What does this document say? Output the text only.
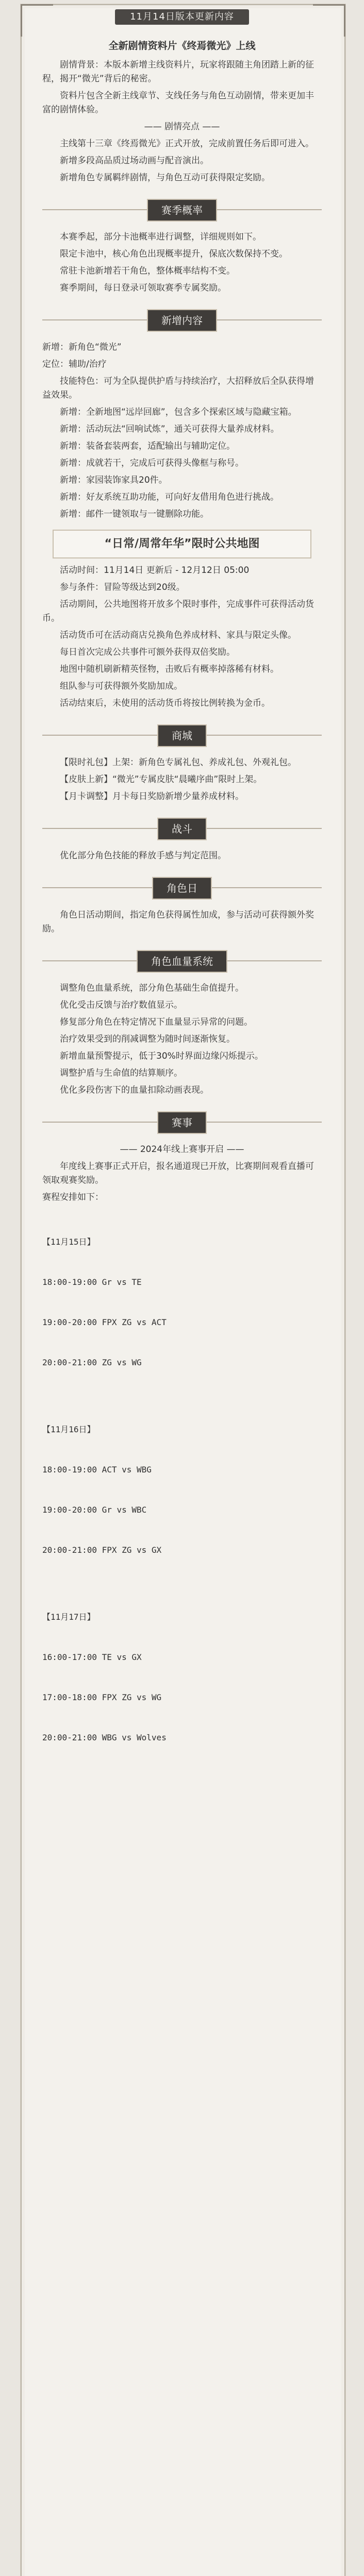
11月14日版本更新内容

全新剧情资料片《终焉微光》上线

剧情背景：本版本新增主线资料片，玩家将跟随主角团踏上新的征程，揭开“微光”背后的秘密。

资料片包含全新主线章节、支线任务与角色互动剧情，带来更加丰富的剧情体验。

—— 剧情亮点 ——

主线第十三章《终焉微光》正式开放，完成前置任务后即可进入。

新增多段高品质过场动画与配音演出。

新增角色专属羁绊剧情，与角色互动可获得限定奖励。

赛季概率

本赛季起，部分卡池概率进行调整，详细规则如下。

限定卡池中，核心角色出现概率提升，保底次数保持不变。

常驻卡池新增若干角色，整体概率结构不变。

赛季期间，每日登录可领取赛季专属奖励。

新增内容

新增：新角色“微光”

定位：辅助/治疗

技能特色：可为全队提供护盾与持续治疗，大招释放后全队获得增益效果。

新增：全新地图“远岸回廊”，包含多个探索区域与隐藏宝箱。

新增：活动玩法“回响试炼”，通关可获得大量养成材料。

新增：装备套装两套，适配输出与辅助定位。

新增：成就若干，完成后可获得头像框与称号。

新增：家园装饰家具20件。

新增：好友系统互助功能，可向好友借用角色进行挑战。

新增：邮件一键领取与一键删除功能。

“日常/周常年华”限时公共地图

活动时间：11月14日 更新后 - 12月12日 05:00

参与条件：冒险等级达到20级。

活动期间，公共地图将开放多个限时事件，完成事件可获得活动货币。

活动货币可在活动商店兑换角色养成材料、家具与限定头像。

每日首次完成公共事件可额外获得双倍奖励。

地图中随机刷新精英怪物，击败后有概率掉落稀有材料。

组队参与可获得额外奖励加成。

活动结束后，未使用的活动货币将按比例转换为金币。

商城

【限时礼包】上架：新角色专属礼包、养成礼包、外观礼包。

【皮肤上新】“微光”专属皮肤“晨曦序曲”限时上架。

【月卡调整】月卡每日奖励新增少量养成材料。

战斗

优化部分角色技能的释放手感与判定范围。

角色日

角色日活动期间，指定角色获得属性加成，参与活动可获得额外奖励。

角色血量系统

调整角色血量系统，部分角色基础生命值提升。

优化受击反馈与治疗数值显示。

修复部分角色在特定情况下血量显示异常的问题。

治疗效果受到的削减调整为随时间逐渐恢复。

新增血量预警提示，低于30%时界面边缘闪烁提示。

调整护盾与生命值的结算顺序。

优化多段伤害下的血量扣除动画表现。

赛事

—— 2024年线上赛事开启 ——

年度线上赛事正式开启，报名通道现已开放，比赛期间观看直播可领取观赛奖励。

赛程安排如下：

【11月15日】

18:00-19:00 Gr vs TE

19:00-20:00 FPX ZG vs ACT

20:00-21:00 ZG vs WG

【11月16日】

18:00-19:00 ACT vs WBG

19:00-20:00 Gr vs WBC

20:00-21:00 FPX ZG vs GX

【11月17日】

16:00-17:00 TE vs GX

17:00-18:00 FPX ZG vs WG

20:00-21:00 WBG vs Wolves
